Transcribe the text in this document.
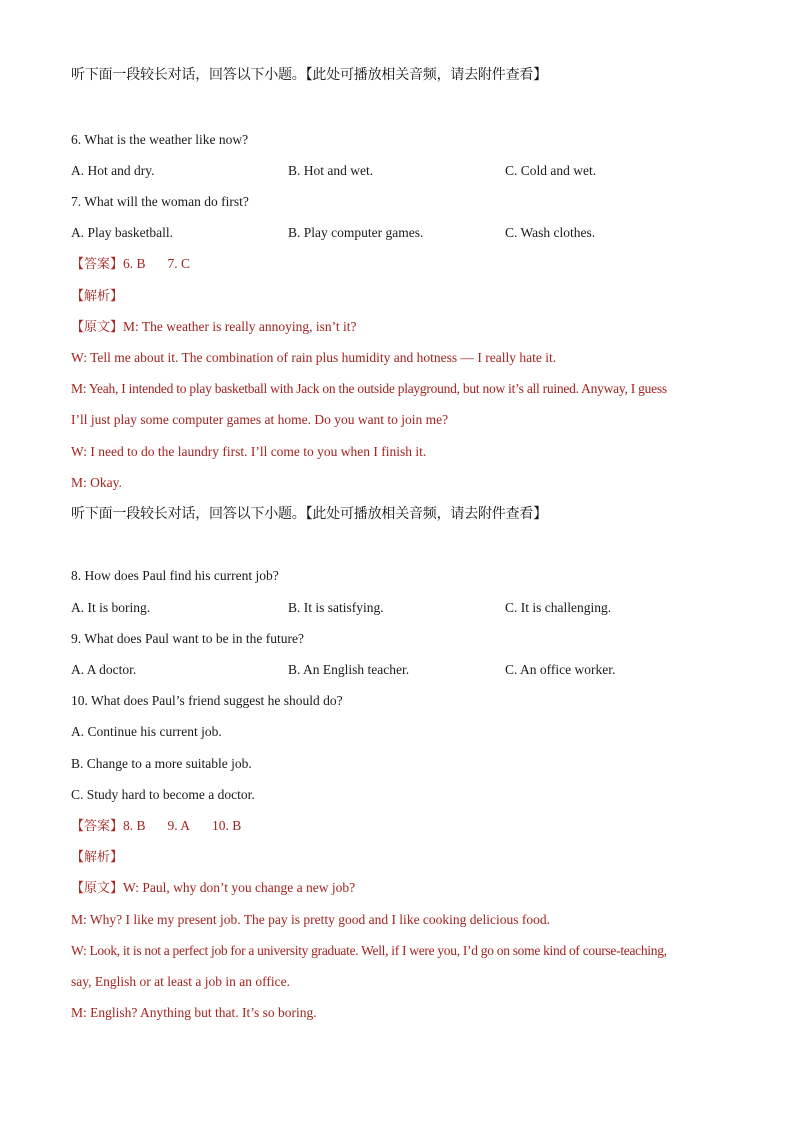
听下面一段较长对话，回答以下小题。【此处可播放相关音频，请去附件查看】
6. What is the weather like now?
A. Hot and dry.	B. Hot and wet.	C. Cold and wet.
7. What will the woman do first?
A. Play basketball.	B. Play computer games.	C. Wash clothes.
【答案】6. B 7. C
【解析】
【原文】M: The weather is really annoying, isn’t it?
W: Tell me about it. The combination of rain plus humidity and hotness — I really hate it.
M: Yeah, I intended to play basketball with Jack on the outside playground, but now it’s all ruined. Anyway, I guess
I’ll just play some computer games at home. Do you want to join me?
W: I need to do the laundry first. I’ll come to you when I finish it.
M: Okay.
听下面一段较长对话，回答以下小题。【此处可播放相关音频，请去附件查看】
8. How does Paul find his current job?
A. It is boring.	B. It is satisfying.	C. It is challenging.
9. What does Paul want to be in the future?
A. A doctor.	B. An English teacher.	C. An office worker.
10. What does Paul’s friend suggest he should do?
A. Continue his current job.
B. Change to a more suitable job.
C. Study hard to become a doctor.
【答案】8. B 9. A 10. B
【解析】
【原文】W: Paul, why don’t you change a new job?
M: Why? I like my present job. The pay is pretty good and I like cooking delicious food.
W: Look, it is not a perfect job for a university graduate. Well, if I were you, I’d go on some kind of course-teaching,
say, English or at least a job in an office.
M: English? Anything but that. It’s so boring.
